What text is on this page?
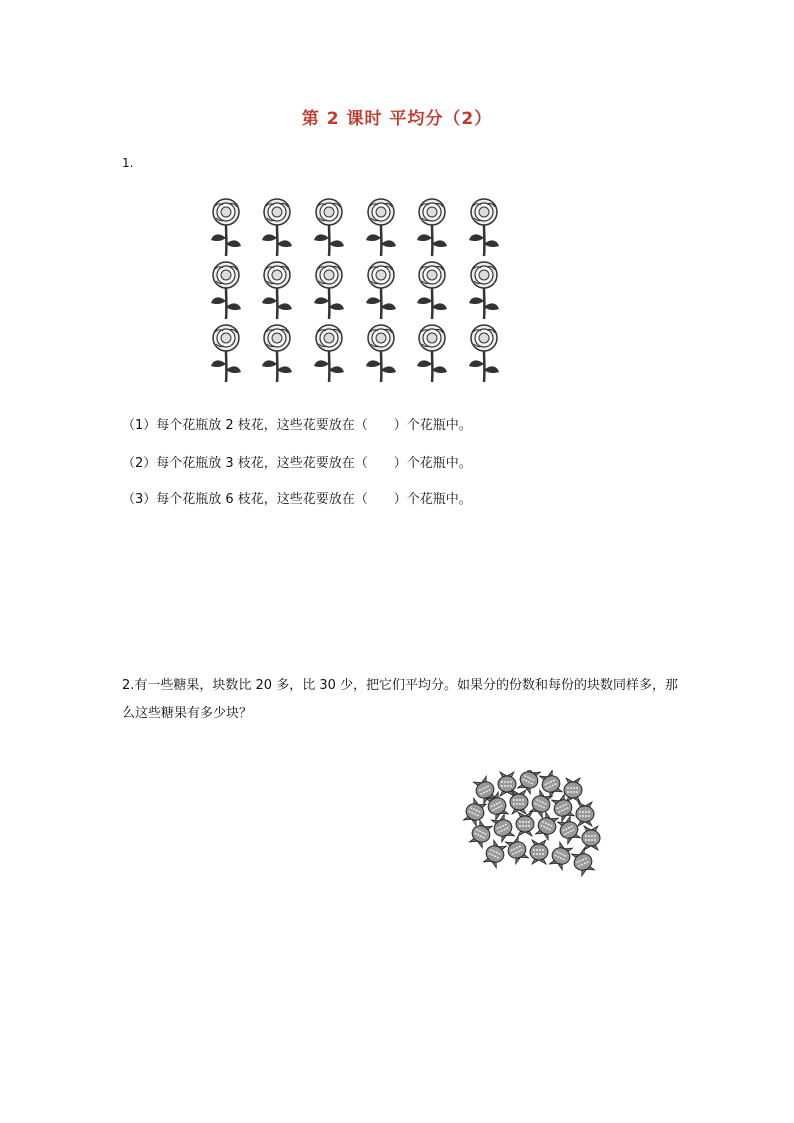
第 2 课时 平均分（2）
1.
（1）每个花瓶放 2 枝花，这些花要放在（　　）个花瓶中。
（2）每个花瓶放 3 枝花，这些花要放在（　　）个花瓶中。
（3）每个花瓶放 6 枝花，这些花要放在（　　）个花瓶中。
2.有一些糖果，块数比 20 多，比 30 少，把它们平均分。如果分的份数和每份的块数同样多，那么这些糖果有多少块？
